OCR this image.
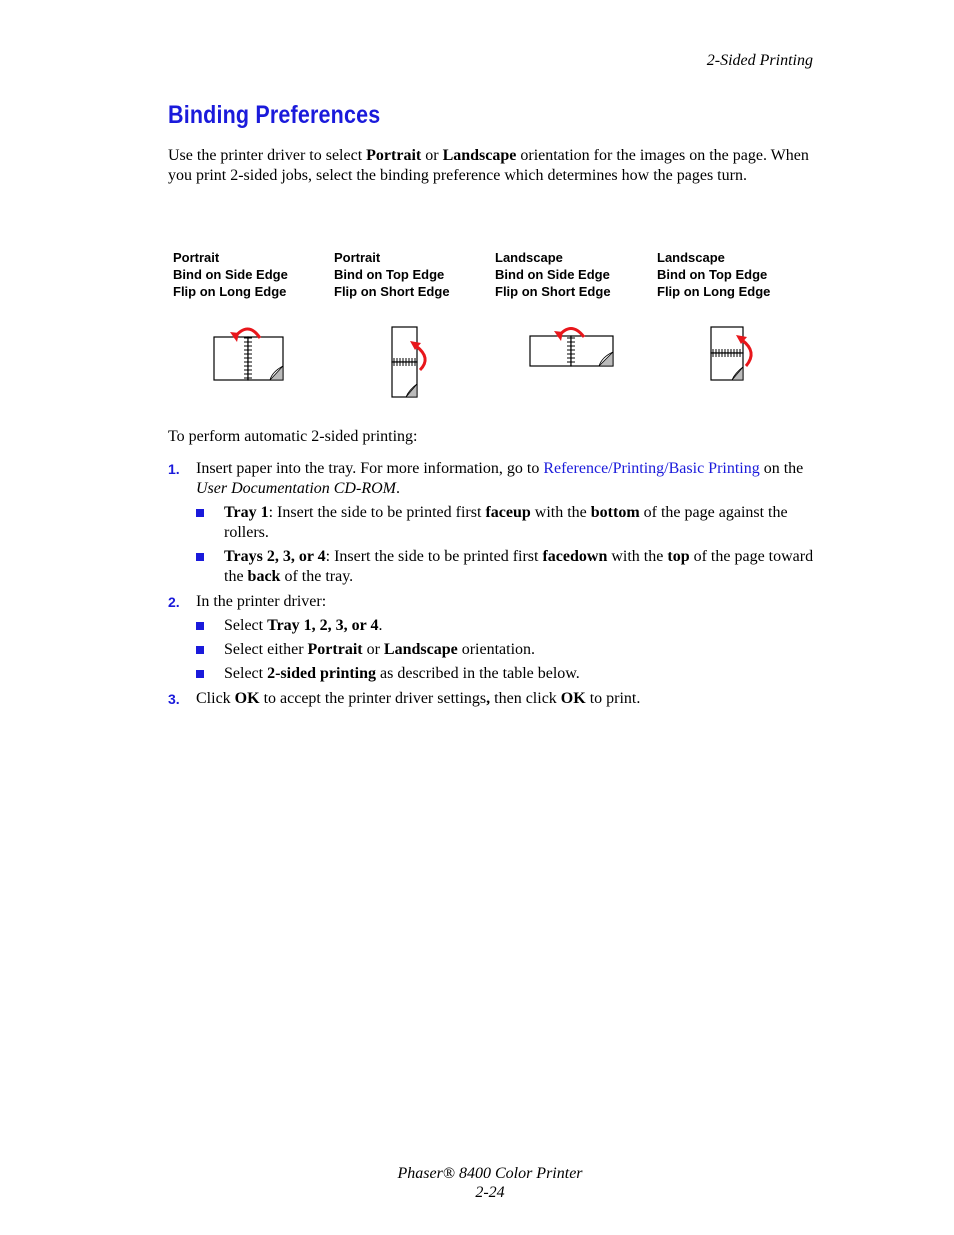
2-Sided Printing
Binding Preferences

Use the printer driver to select Portrait or Landscape orientation for the images on the page. When you print 2-sided jobs, select the binding preference which determines how the pages turn.

Portrait
Bind on Side Edge
Flip on Long Edge
Portrait
Bind on Top Edge
Flip on Short Edge
Landscape
Bind on Side Edge
Flip on Short Edge
Landscape
Bind on Top Edge
Flip on Long Edge

To perform automatic 2-sided printing:

1. Insert paper into the tray. For more information, go to Reference/Printing/Basic Printing on the User Documentation CD-ROM.
Tray 1: Insert the side to be printed first faceup with the bottom of the page against the rollers.
Trays 2, 3, or 4: Insert the side to be printed first facedown with the top of the page toward the back of the tray.
2. In the printer driver:
Select Tray 1, 2, 3, or 4.
Select either Portrait or Landscape orientation.
Select 2-sided printing as described in the table below.
3. Click OK to accept the printer driver settings, then click OK to print.
Phaser® 8400 Color Printer
2-24
